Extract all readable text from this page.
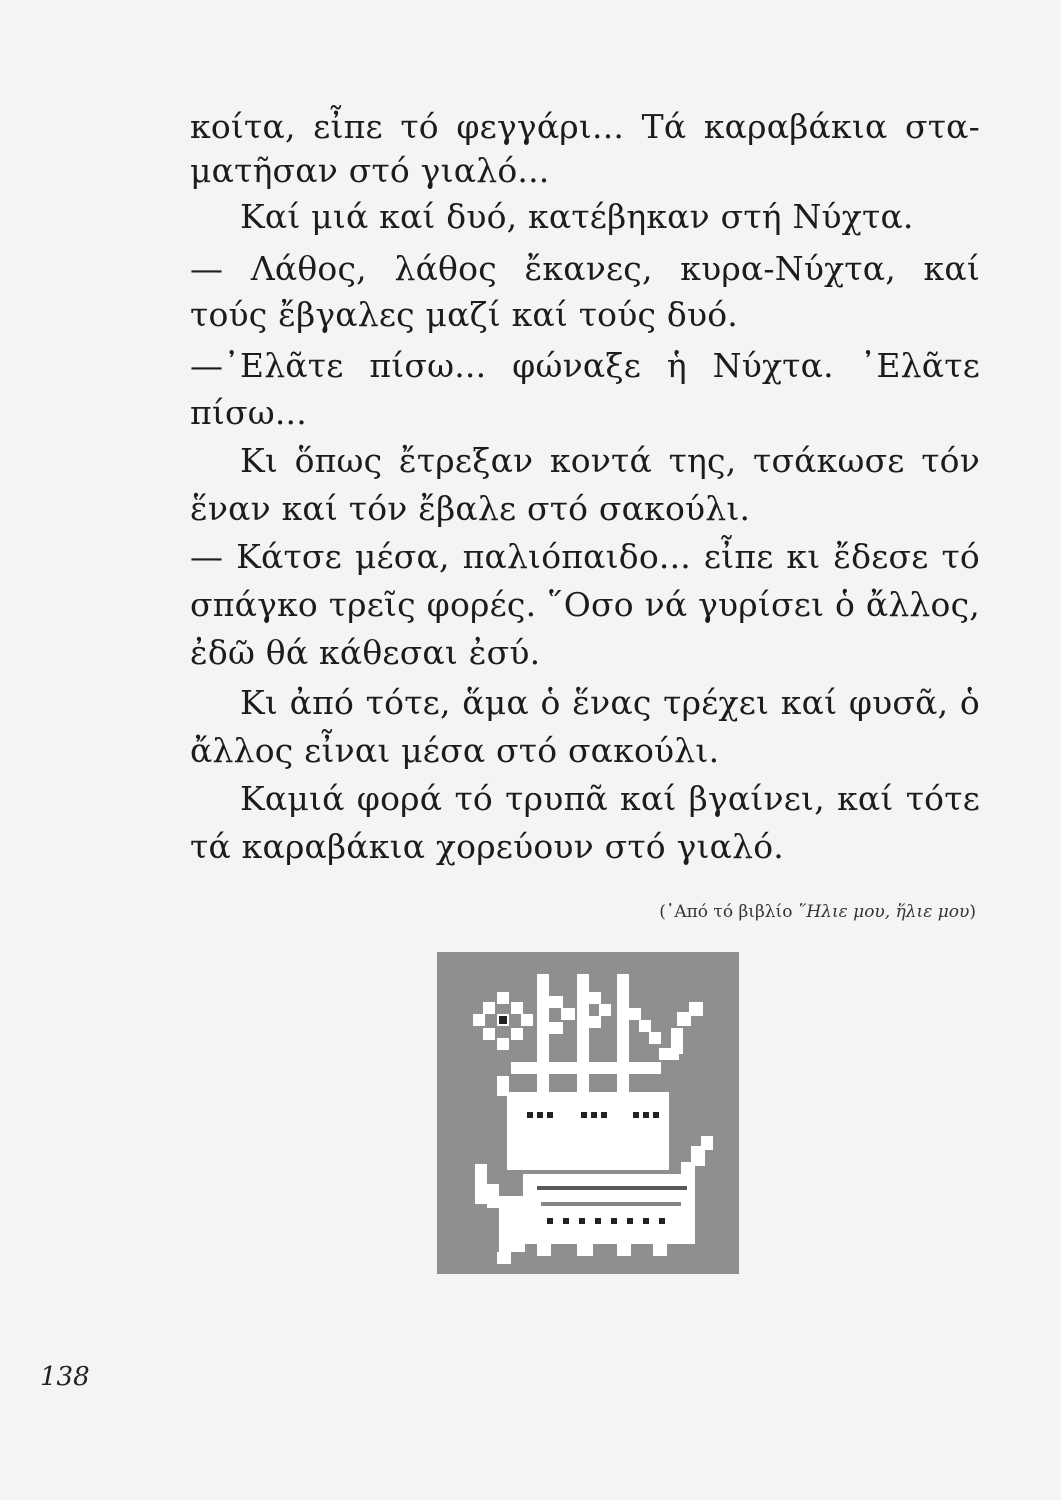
κοίτα, εἶπε τό φεγγάρι... Τά καραβάκια στα-
ματῆσαν στό γιαλό...
Καί μιά καί δυό, κατέβηκαν στή Νύχτα.
— Λάθος, λάθος ἔκανες, κυρα-Νύχτα, καί
τούς ἔβγαλες μαζί καί τούς δυό.
—᾿Ελᾶτε πίσω... φώναξε ἡ Νύχτα. ᾿Ελᾶτε
πίσω...
Κι ὅπως ἔτρεξαν κοντά της, τσάκωσε τόν
ἕναν καί τόν ἔβαλε στό σακούλι.
— Κάτσε μέσα, παλιόπαιδο... εἶπε κι ἔδεσε τό
σπάγκο τρεῖς φορές. ῞Οσο νά γυρίσει ὁ ἄλλος,
ἐδῶ θά κάθεσαι ἐσύ.
Κι ἀπό τότε, ἅμα ὁ ἕνας τρέχει καί φυσᾶ, ὁ
ἄλλος εἶναι μέσα στό σακούλι.
Καμιά φορά τό τρυπᾶ καί βγαίνει, καί τότε
τά καραβάκια χορεύουν στό γιαλό.
(᾿Από τό βιβλίο ῞Ηλιε μου, ἥλιε μου)
138
